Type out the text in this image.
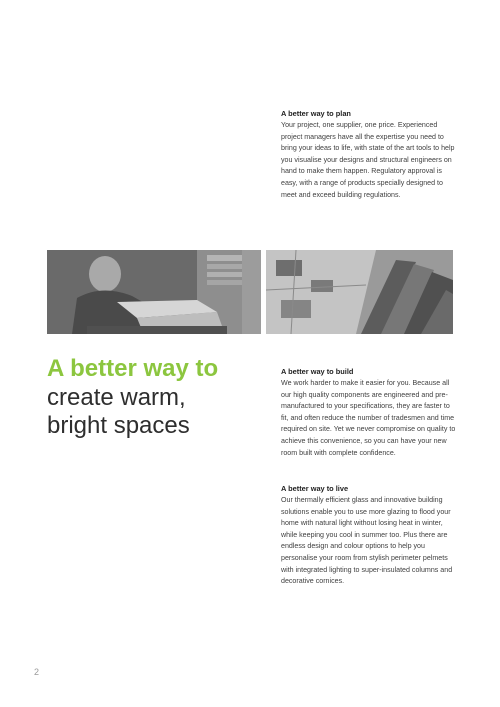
A better way to plan

Your project, one supplier, one price. Experienced project managers have all the expertise you need to bring your ideas to life, with state of the art tools to help you visualise your designs and structural engineers on hand to make them happen. Regulatory approval is easy, with a range of products specially designed to meet and exceed building regulations.

A better way to
create warm,
bright spaces
A better way to build

We work harder to make it easier for you. Because all our high quality components are engineered and pre-manufactured to your specifications, they are faster to fit, and often reduce the number of tradesmen and time required on site. Yet we never compromise on quality to achieve this convenience, so you can have your new room built with complete confidence.

A better way to live

Our thermally efficient glass and innovative building solutions enable you to use more glazing to flood your home with natural light without losing heat in winter, while keeping you cool in summer too. Plus there are endless design and colour options to help you personalise your room from stylish perimeter pelmets with integrated lighting to super-insulated columns and decorative cornices.

2
